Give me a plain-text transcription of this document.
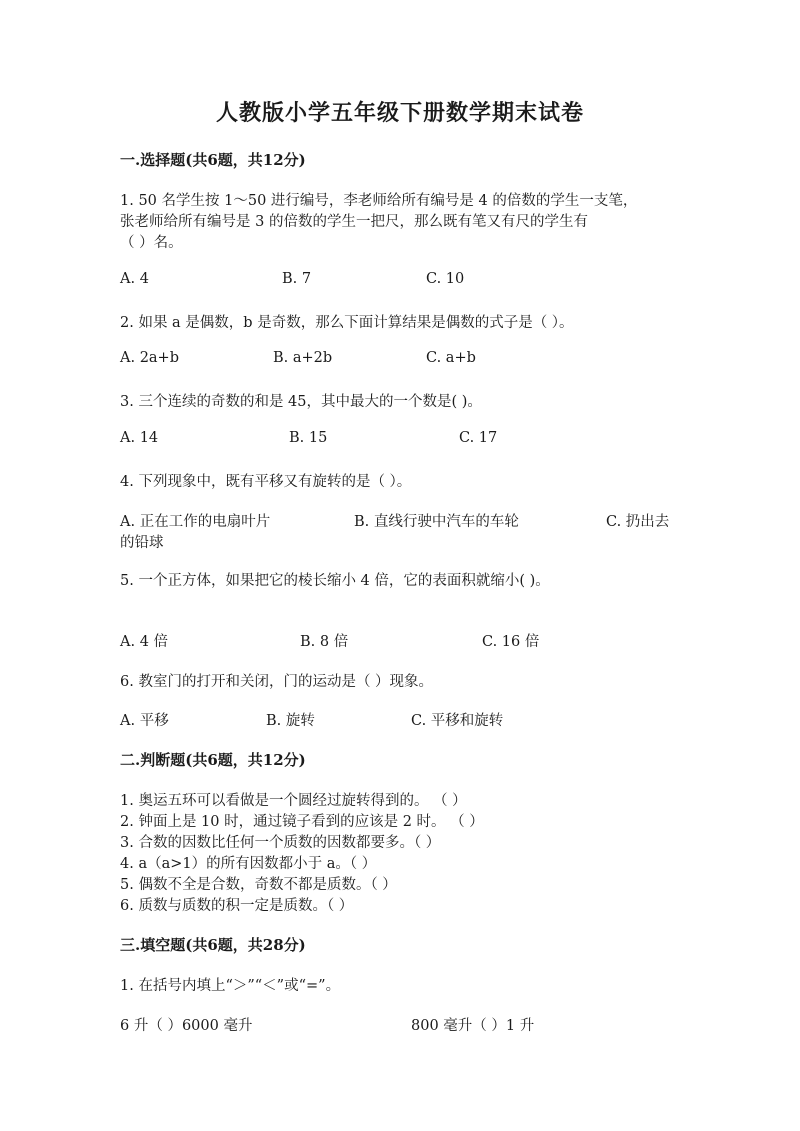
人教版小学五年级下册数学期末试卷
一.选择题(共6题，共12分)
1. 50 名学生按 1～50 进行编号，李老师给所有编号是 4 的倍数的学生一支笔，
张老师给所有编号是 3 的倍数的学生一把尺，那么既有笔又有尺的学生有
（ ）名。
A. 4	B. 7	C. 10
2. 如果 a 是偶数，b 是奇数，那么下面计算结果是偶数的式子是（ ）。
A. 2a+b	B. a+2b	C. a+b
3. 三个连续的奇数的和是 45，其中最大的一个数是( )。
A. 14	B. 15	C. 17
4. 下列现象中，既有平移又有旋转的是（ ）。
A. 正在工作的电扇叶片	B. 直线行驶中汽车的车轮	C. 扔出去
的铅球
5. 一个正方体，如果把它的棱长缩小 4 倍，它的表面积就缩小( )。
A. 4 倍	B. 8 倍	C. 16 倍
6. 教室门的打开和关闭，门的运动是（ ）现象。
A. 平移	B. 旋转	C. 平移和旋转
二.判断题(共6题，共12分)
1. 奥运五环可以看做是一个圆经过旋转得到的。 （ ）
2. 钟面上是 10 时，通过镜子看到的应该是 2 时。 （ ）
3. 合数的因数比任何一个质数的因数都要多。（ ）
4. a（a>1）的所有因数都小于 a。（ ）
5. 偶数不全是合数，奇数不都是质数。（ ）
6. 质数与质数的积一定是质数。（ ）
三.填空题(共6题，共28分)
1. 在括号内填上“＞”“＜”或“=”。
6 升（ ）6000 毫升	800 毫升（ ）1 升
